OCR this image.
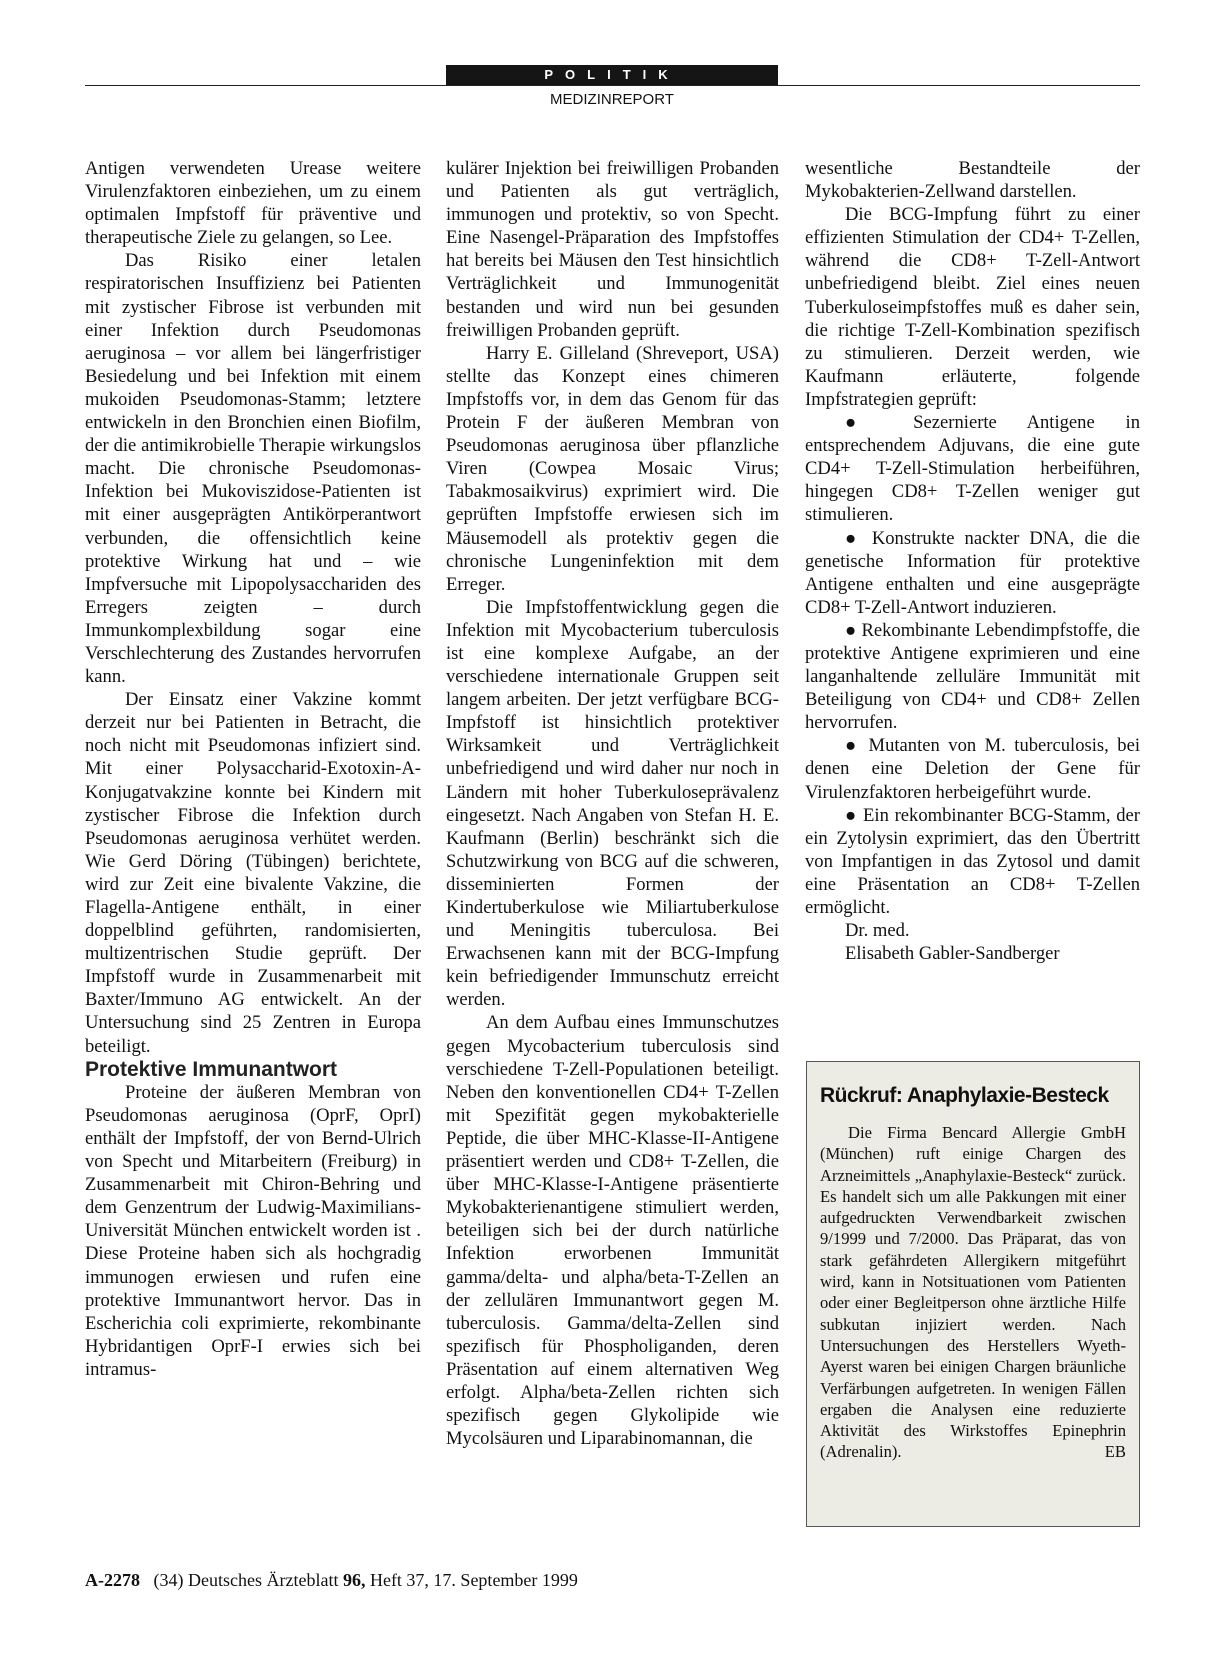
POLITIK
MEDIZINREPORT

Antigen verwendeten Urease weitere Virulenzfaktoren einbeziehen, um zu einem optimalen Impfstoff für präventive und therapeutische Ziele zu gelangen, so Lee.

Das Risiko einer letalen respiratorischen Insuffizienz bei Patienten mit zystischer Fibrose ist verbunden mit einer Infektion durch Pseudomonas aeruginosa – vor allem bei längerfristiger Besiedelung und bei Infektion mit einem mukoiden Pseudomonas-Stamm; letztere entwickeln in den Bronchien einen Biofilm, der die antimikrobielle Therapie wirkungslos macht. Die chronische Pseudomonas-Infektion bei Mukoviszidose-Patienten ist mit einer ausgeprägten Antikörperantwort verbunden, die offensichtlich keine protektive Wirkung hat und – wie Impfversuche mit Lipopolysacchariden des Erregers zeigten – durch Immunkomplexbildung sogar eine Verschlechterung des Zustandes hervorrufen kann.

Der Einsatz einer Vakzine kommt derzeit nur bei Patienten in Betracht, die noch nicht mit Pseudomonas infiziert sind. Mit einer Polysaccharid-Exotoxin-A-Konjugatvakzine konnte bei Kindern mit zystischer Fibrose die Infektion durch Pseudomonas aeruginosa verhütet werden. Wie Gerd Döring (Tübingen) berichtete, wird zur Zeit eine bivalente Vakzine, die Flagella-Antigene enthält, in einer doppelblind geführten, randomisierten, multizentrischen Studie geprüft. Der Impfstoff wurde in Zusammenarbeit mit Baxter/Immuno AG entwickelt. An der Untersuchung sind 25 Zentren in Europa beteiligt.

Protektive Immunantwort

Proteine der äußeren Membran von Pseudomonas aeruginosa (OprF, OprI) enthält der Impfstoff, der von Bernd-Ulrich von Specht und Mitarbeitern (Freiburg) in Zusammenarbeit mit Chiron-Behring und dem Genzentrum der Ludwig-Maximilians-Universität München entwickelt worden ist . Diese Proteine haben sich als hochgradig immunogen erwiesen und rufen eine protektive Immunantwort hervor. Das in Escherichia coli exprimierte, rekombinante Hybridantigen OprF-I erwies sich bei intramus-

kulärer Injektion bei freiwilligen Probanden und Patienten als gut verträglich, immunogen und protektiv, so von Specht. Eine Nasengel-Präparation des Impfstoffes hat bereits bei Mäusen den Test hinsichtlich Verträglichkeit und Immunogenität bestanden und wird nun bei gesunden freiwilligen Probanden geprüft.

Harry E. Gilleland (Shreveport, USA) stellte das Konzept eines chimeren Impfstoffs vor, in dem das Genom für das Protein F der äußeren Membran von Pseudomonas aeruginosa über pflanzliche Viren (Cowpea Mosaic Virus; Tabakmosaikvirus) exprimiert wird. Die geprüften Impfstoffe erwiesen sich im Mäusemodell als protektiv gegen die chronische Lungeninfektion mit dem Erreger.

Die Impfstoffentwicklung gegen die Infektion mit Mycobacterium tuberculosis ist eine komplexe Aufgabe, an der verschiedene internationale Gruppen seit langem arbeiten. Der jetzt verfügbare BCG-Impfstoff ist hinsichtlich protektiver Wirksamkeit und Verträglichkeit unbefriedigend und wird daher nur noch in Ländern mit hoher Tuberkuloseprävalenz eingesetzt. Nach Angaben von Stefan H. E. Kaufmann (Berlin) beschränkt sich die Schutzwirkung von BCG auf die schweren, disseminierten Formen der Kindertuberkulose wie Miliartuberkulose und Meningitis tuberculosa. Bei Erwachsenen kann mit der BCG-Impfung kein befriedigender Immunschutz erreicht werden.

An dem Aufbau eines Immunschutzes gegen Mycobacterium tuberculosis sind verschiedene T-Zell-Populationen beteiligt. Neben den konventionellen CD4+ T-Zellen mit Spezifität gegen mykobakterielle Peptide, die über MHC-Klasse-II-Antigene präsentiert werden und CD8+ T-Zellen, die über MHC-Klasse-I-Antigene präsentierte Mykobakterienantigene stimuliert werden, beteiligen sich bei der durch natürliche Infektion erworbenen Immunität gamma/delta- und alpha/beta-T-Zellen an der zellulären Immunantwort gegen M. tuberculosis. Gamma/delta-Zellen sind spezifisch für Phospholiganden, deren Präsentation auf einem alternativen Weg erfolgt. Alpha/beta-Zellen richten sich spezifisch gegen Glykolipide wie Mycolsäuren und Liparabinomannan, die

wesentliche Bestandteile der Mykobakterien-Zellwand darstellen.

Die BCG-Impfung führt zu einer effizienten Stimulation der CD4+ T-Zellen, während die CD8+ T-Zell-Antwort unbefriedigend bleibt. Ziel eines neuen Tuberkuloseimpfstoffes muß es daher sein, die richtige T-Zell-Kombination spezifisch zu stimulieren. Derzeit werden, wie Kaufmann erläuterte, folgende Impfstrategien geprüft:

● Sezernierte Antigene in entsprechendem Adjuvans, die eine gute CD4+ T-Zell-Stimulation herbeiführen, hingegen CD8+ T-Zellen weniger gut stimulieren.

● Konstrukte nackter DNA, die die genetische Information für protektive Antigene enthalten und eine ausgeprägte CD8+ T-Zell-Antwort induzieren.

● Rekombinante Lebendimpfstoffe, die protektive Antigene exprimieren und eine langanhaltende zelluläre Immunität mit Beteiligung von CD4+ und CD8+ Zellen hervorrufen.

● Mutanten von M. tuberculosis, bei denen eine Deletion der Gene für Virulenzfaktoren herbeigeführt wurde.

● Ein rekombinanter BCG-Stamm, der ein Zytolysin exprimiert, das den Übertritt von Impfantigen in das Zytosol und damit eine Präsentation an CD8+ T-Zellen ermöglicht.

Dr. med.

Elisabeth Gabler-Sandberger

Rückruf: Anaphylaxie-Besteck

Die Firma Bencard Allergie GmbH (München) ruft einige Chargen des Arzneimittels „Anaphylaxie-Besteck“ zurück. Es handelt sich um alle Pakkungen mit einer aufgedruckten Verwendbarkeit zwischen 9/1999 und 7/2000. Das Präparat, das von stark gefährdeten Allergikern mitgeführt wird, kann in Notsituationen vom Patienten oder einer Begleitperson ohne ärztliche Hilfe subkutan injiziert werden. Nach Untersuchungen des Herstellers Wyeth-Ayerst waren bei einigen Chargen bräunliche Verfärbungen aufgetreten. In wenigen Fällen ergaben die Analysen eine reduzierte Aktivität des Wirkstoffes Epinephrin (Adrenalin).	EB

A-2278 (34) Deutsches Ärzteblatt 96, Heft 37, 17. September 1999
